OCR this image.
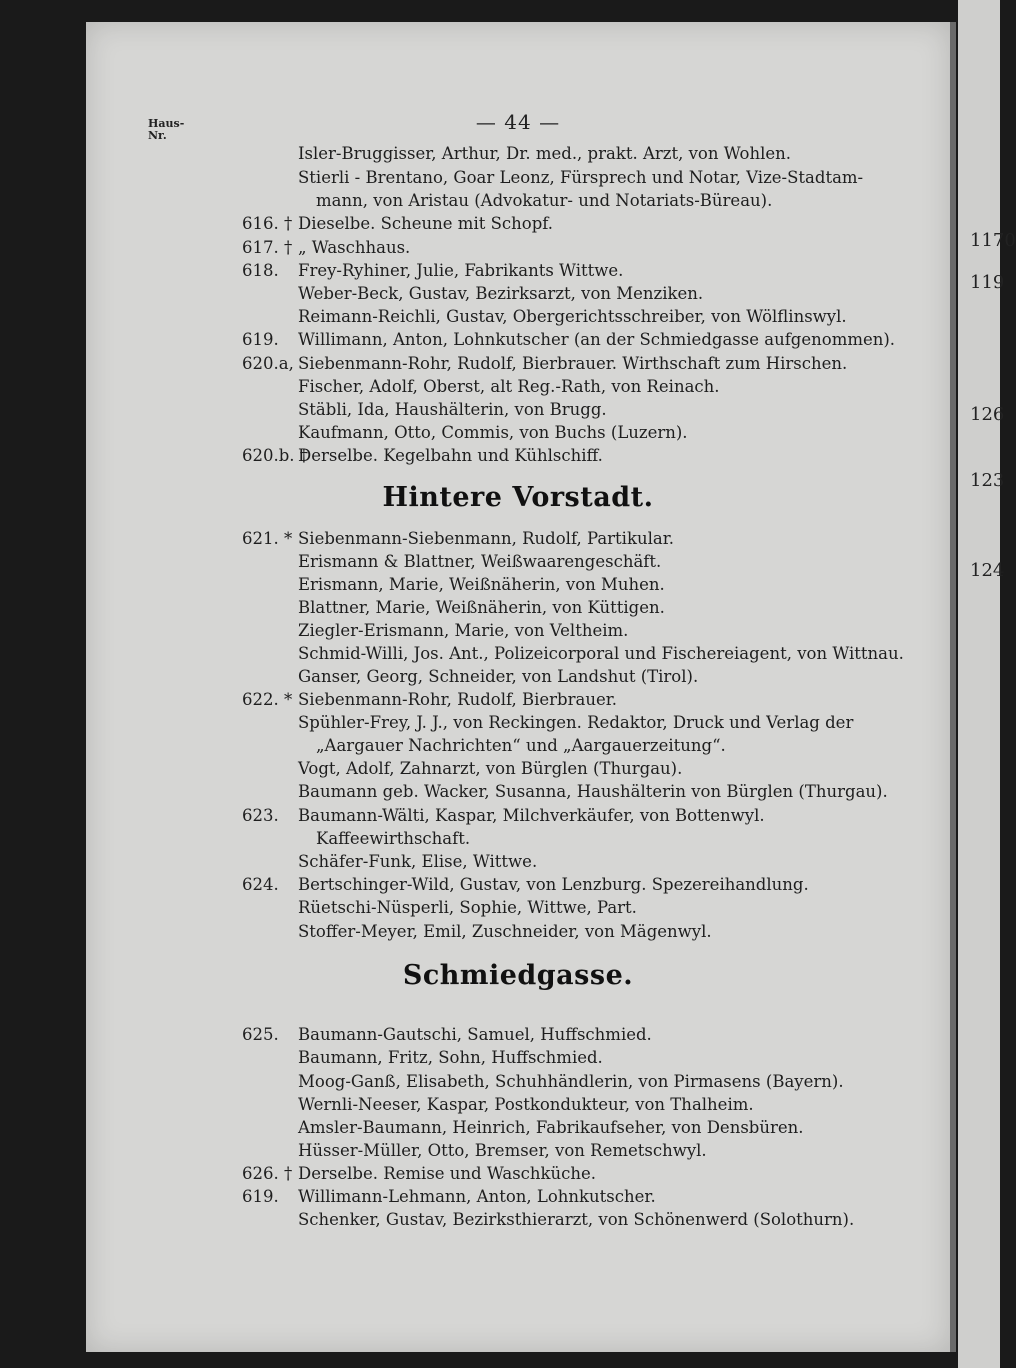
1170
119
126
123
124
— 44 —
Haus-
Nr.
Isler-Bruggisser, Arthur, Dr. med., prakt. Arzt, von Wohlen.
Stierli - Brentano, Goar Leonz, Fürsprech und Notar, Vize-Stadtam-
mann, von Aristau (Advokatur- und Notariats-Büreau).
616. † Dieselbe. Scheune mit Schopf.
617. † „ Waschhaus.
618. Frey-Ryhiner, Julie, Fabrikants Wittwe.
Weber-Beck, Gustav, Bezirksarzt, von Menziken.
Reimann-Reichli, Gustav, Obergerichtsschreiber, von Wölflinswyl.
619. Willimann, Anton, Lohnkutscher (an der Schmiedgasse aufgenommen).
620.a, Siebenmann-Rohr, Rudolf, Bierbrauer. Wirthschaft zum Hirschen.
Fischer, Adolf, Oberst, alt Reg.-Rath, von Reinach.
Stäbli, Ida, Haushälterin, von Brugg.
Kaufmann, Otto, Commis, von Buchs (Luzern).
620.b. †
Derselbe. Kegelbahn und Kühlschiff.
Hintere Vorstadt.
621. * Siebenmann-Siebenmann, Rudolf, Partikular.
Erismann & Blattner, Weißwaarengeschäft.
Erismann, Marie, Weißnäherin, von Muhen.
Blattner, Marie, Weißnäherin, von Küttigen.
Ziegler-Erismann, Marie, von Veltheim.
Schmid-Willi, Jos. Ant., Polizeicorporal und Fischereiagent, von Wittnau.
Ganser, Georg, Schneider, von Landshut (Tirol).
622. * Siebenmann-Rohr, Rudolf, Bierbrauer.
Spühler-Frey, J. J., von Reckingen. Redaktor, Druck und Verlag der
„Aargauer Nachrichten“ und „Aargauerzeitung“.
Vogt, Adolf, Zahnarzt, von Bürglen (Thurgau).
Baumann geb. Wacker, Susanna, Haushälterin von Bürglen (Thurgau).
623. Baumann-Wälti, Kaspar, Milchverkäufer, von Bottenwyl.
Kaffeewirthschaft.
Schäfer-Funk, Elise, Wittwe.
624. Bertschinger-Wild, Gustav, von Lenzburg. Spezereihandlung.
Rüetschi-Nüsperli, Sophie, Wittwe, Part.
Stoffer-Meyer, Emil, Zuschneider, von Mägenwyl.
Schmiedgasse.
625. Baumann-Gautschi, Samuel, Huffschmied.
Baumann, Fritz, Sohn, Huffschmied.
Moog-Ganß, Elisabeth, Schuhhändlerin, von Pirmasens (Bayern).
Wernli-Neeser, Kaspar, Postkondukteur, von Thalheim.
Amsler-Baumann, Heinrich, Fabrikaufseher, von Densbüren.
Hüsser-Müller, Otto, Bremser, von Remetschwyl.
626. † Derselbe. Remise und Waschküche.
619. Willimann-Lehmann, Anton, Lohnkutscher.
Schenker, Gustav, Bezirksthierarzt, von Schönenwerd (Solothurn).
